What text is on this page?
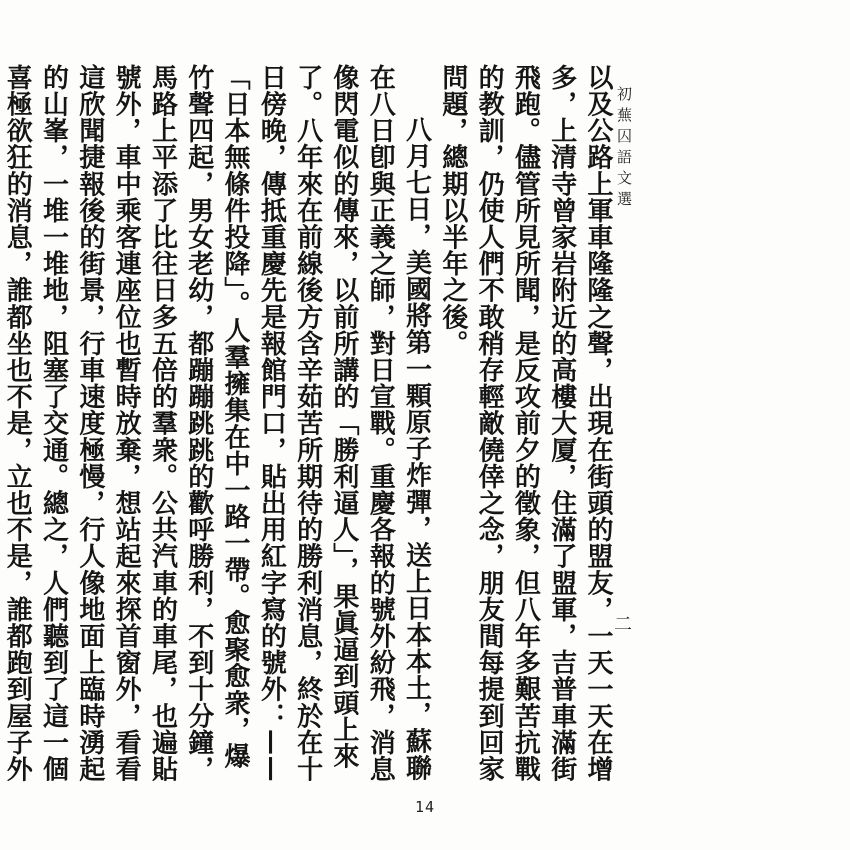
初蕪囚語文選
二

以及公路上軍車隆隆之聲，出現在街頭的盟友，一天一天在增多，上清寺曾家岩附近的高樓大厦，住滿了盟軍，吉普車滿街飛跑。儘管所見所聞，是反攻前夕的徵象，但八年多艱苦抗戰的教訓，仍使人們不敢稍存輕敵僥倖之念，朋友間每提到回家問題，總期以半年之後。

八月七日，美國將第一顆原子炸彈，送上日本本土，蘇聯在八日卽與正義之師，對日宣戰。重慶各報的號外紛飛，消息像閃電似的傳來，以前所講的「勝利逼人」，果眞逼到頭上來了。八年來在前線後方含辛茹苦所期待的勝利消息，終於在十日傍晚，傳抵重慶先是報館門口，貼出用紅字寫的號外：——「日本無條件投降」。人羣擁集在中一路一帶。愈聚愈衆，爆竹聲四起，男女老幼，都蹦蹦跳跳的歡呼勝利，不到十分鐘，馬路上平添了比往日多五倍的羣衆。公共汽車的車尾，也遍貼號外，車中乘客連座位也暫時放棄，想站起來探首窗外，看看這欣聞捷報後的街景，行車速度極慢，行人像地面上臨時湧起的山峯，一堆一堆地，阻塞了交通。總之，人們聽到了這一個喜極欲狂的消息，誰都坐也不是，立也不是，誰都跑到屋子外

14
